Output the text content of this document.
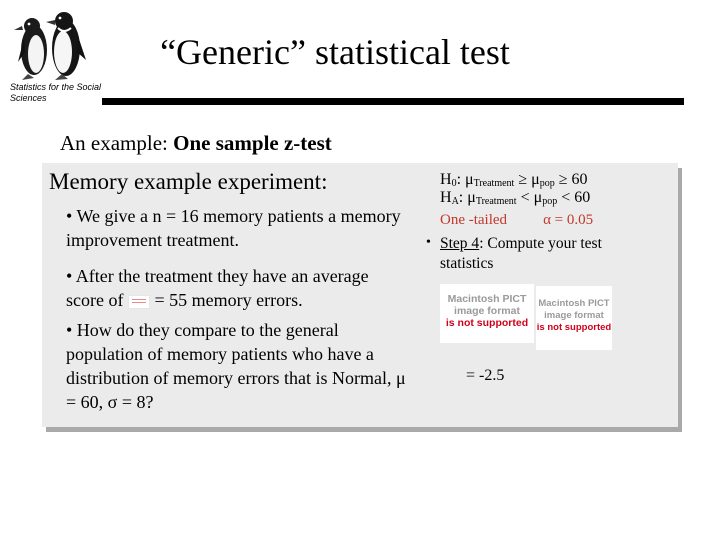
Statistics for the Social Sciences
“Generic” statistical test
An example: One sample z-test
Memory example experiment:
• We give a n = 16 memory patients a memory improvement treatment.
• After the treatment they have an average score of  = 55 memory errors.
• How do they compare to the general population of memory patients who have a distribution of memory errors that is Normal, μ = 60, σ = 8?
$H_0$: $\mu_{Treatment} \ge \mu_{pop} \ge 60$
$H_A$: $\mu_{Treatment} < \mu_{pop} < 60$
One -tailed α = 0.05
• Step 4: Compute your test statistics
Macintosh PICT
image format
is not supported
Macintosh PICT
image format
is not supported
= -2.5
